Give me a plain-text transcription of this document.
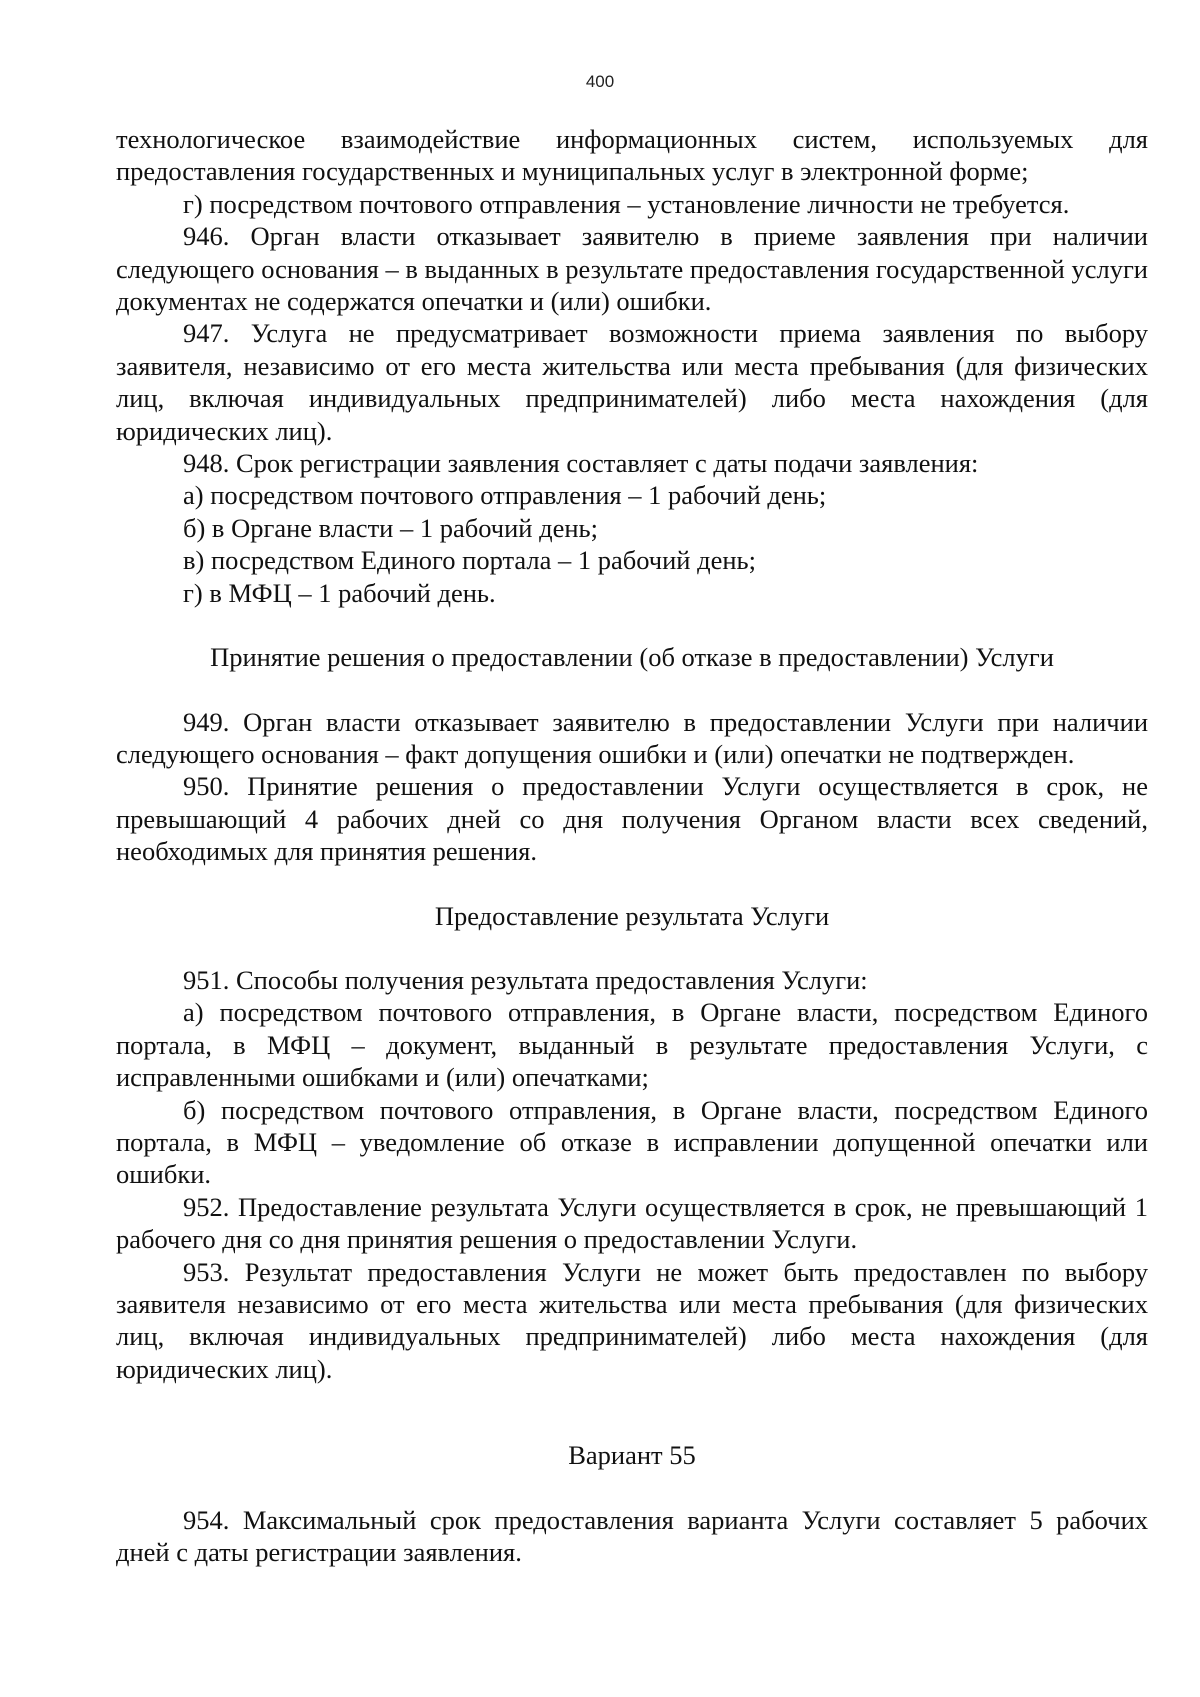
400

технологическое взаимодействие информационных систем, используемых для предоставления государственных и муниципальных услуг в электронной форме;

г) посредством почтового отправления – установление личности не требуется.

946. Орган власти отказывает заявителю в приеме заявления при наличии следующего основания – в выданных в результате предоставления государственной услуги документах не содержатся опечатки и (или) ошибки.

947. Услуга не предусматривает возможности приема заявления по выбору заявителя, независимо от его места жительства или места пребывания (для физических лиц, включая индивидуальных предпринимателей) либо места нахождения (для юридических лиц).

948. Срок регистрации заявления составляет с даты подачи заявления:

а) посредством почтового отправления – 1 рабочий день;

б) в Органе власти – 1 рабочий день;

в) посредством Единого портала – 1 рабочий день;

г) в МФЦ – 1 рабочий день.

Принятие решения о предоставлении (об отказе в предоставлении) Услуги

949. Орган власти отказывает заявителю в предоставлении Услуги при наличии следующего основания – факт допущения ошибки и (или) опечатки не подтвержден.

950. Принятие решения о предоставлении Услуги осуществляется в срок, не превышающий 4 рабочих дней со дня получения Органом власти всех сведений, необходимых для принятия решения.

Предоставление результата Услуги

951. Способы получения результата предоставления Услуги:

а) посредством почтового отправления, в Органе власти, посредством Единого портала, в МФЦ – документ, выданный в результате предоставления Услуги, с исправленными ошибками и (или) опечатками;

б) посредством почтового отправления, в Органе власти, посредством Единого портала, в МФЦ – уведомление об отказе в исправлении допущенной опечатки или ошибки.

952. Предоставление результата Услуги осуществляется в срок, не превышающий 1 рабочего дня со дня принятия решения о предоставлении Услуги.

953. Результат предоставления Услуги не может быть предоставлен по выбору заявителя независимо от его места жительства или места пребывания (для физических лиц, включая индивидуальных предпринимателей) либо места нахождения (для юридических лиц).

Вариант 55

954. Максимальный срок предоставления варианта Услуги составляет 5 рабочих дней с даты регистрации заявления.
